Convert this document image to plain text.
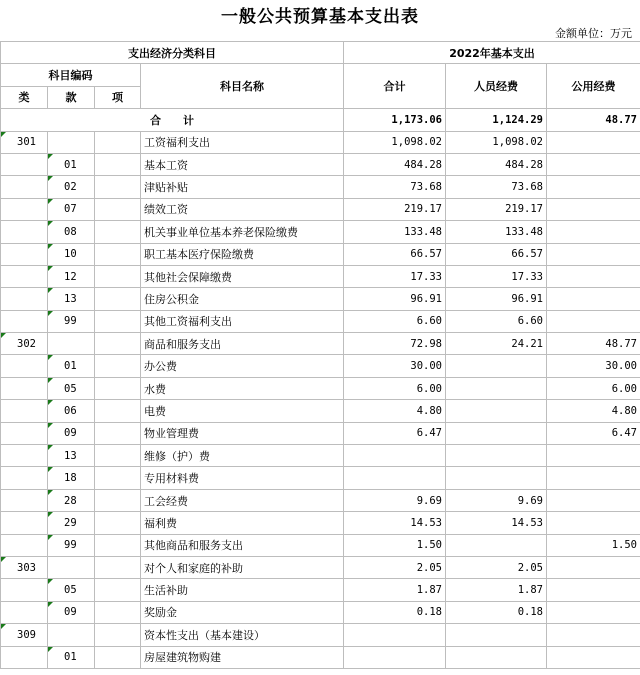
一般公共预算基本支出表
金额单位：万元
支出经济分类科目				2022年基本支出		
科目编码			科目名称	合计	人员经费	公用经费
类	款	项				
合　　计				1,173.06	1,124.29	48.77
301			工资福利支出	1,098.02	1,098.02	
	01		基本工资	484.28	484.28	
	02		津贴补贴	73.68	73.68	
	07		绩效工资	219.17	219.17	
	08		机关事业单位基本养老保险缴费	133.48	133.48	
	10		职工基本医疗保险缴费	66.57	66.57	
	12		其他社会保障缴费	17.33	17.33	
	13		住房公积金	96.91	96.91	
	99		其他工资福利支出	6.60	6.60	
302			商品和服务支出	72.98	24.21	48.77
	01		办公费	30.00		30.00
	05		水费	6.00		6.00
	06		电费	4.80		4.80
	09		物业管理费	6.47		6.47
	13		维修（护）费			
	18		专用材料费			
	28		工会经费	9.69	9.69	
	29		福利费	14.53	14.53	
	99		其他商品和服务支出	1.50		1.50
303			对个人和家庭的补助	2.05	2.05	
	05		生活补助	1.87	1.87	
	09		奖励金	0.18	0.18	
309			资本性支出（基本建设）			
	01		房屋建筑物购建			
